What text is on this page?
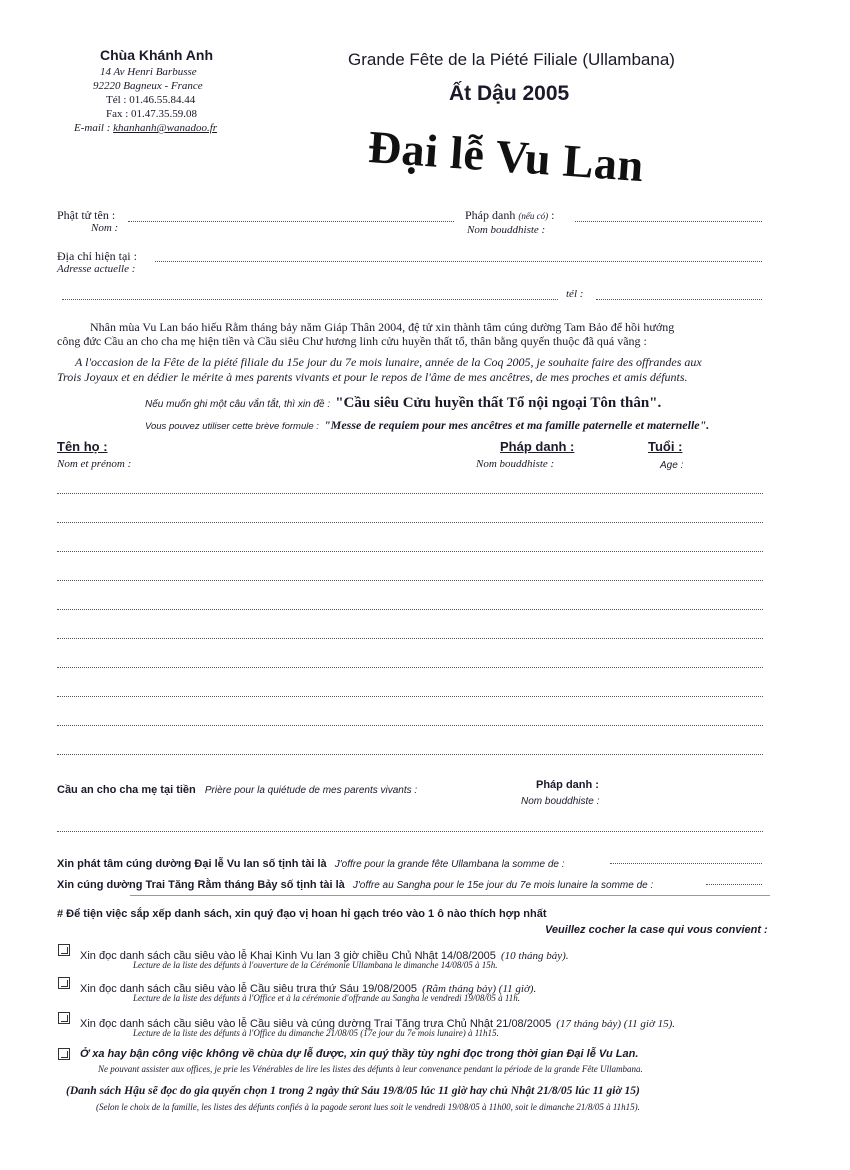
Chùa Khánh Anh
14 Av Henri Barbusse
92220 Bagneux - France
Tél : 01.46.55.84.44
Fax : 01.47.35.59.08
E-mail : khanhanh@wanadoo.fr
Grande Fête de la Piété Filiale (Ullambana)
Ất Dậu 2005
Đại lễ Vu Lan
Phật tử tên :
Nom :
Pháp danh (nếu có) :
Nom bouddhiste :
Địa chỉ hiện tại :
Adresse actuelle :
tél :
Nhân mùa Vu Lan báo hiếu Rằm tháng bảy năm Giáp Thân 2004, đệ tử xin thành tâm cúng dường Tam Bảo để hồi hướng
công đức Cầu an cho cha mẹ hiện tiền và Cầu siêu Chư hương linh cửu huyền thất tổ, thân bằng quyến thuộc đã quá vãng :
A l'occasion de la Fête de la piété filiale du 15e jour du 7e mois lunaire, année de la Coq 2005, je souhaite faire des offrandes aux
Trois Joyaux et en dédier le mérite à mes parents vivants et pour le repos de l'âme de mes ancêtres, de mes proches et amis défunts.
Nếu muốn ghi một câu vắn tắt, thì xin đề : "Cầu siêu Cửu huyền thất Tổ nội ngoại Tôn thân".
Vous pouvez utiliser cette brève formule : "Messe de requiem pour mes ancêtres et ma famille paternelle et maternelle".
Tên họ :
Nom et prénom :
Pháp danh :
Nom bouddhiste :
Tuổi :
Age :
Cầu an cho cha mẹ tại tiền Prière pour la quiétude de mes parents vivants :	Pháp danh :
Nom bouddhiste :
Xin phát tâm cúng dường Đại lễ Vu lan số tịnh tài là J'offre pour la grande fête Ullambana la somme de :
Xin cúng dường Trai Tăng Rằm tháng Bảy số tịnh tài là J'offre au Sangha pour le 15e jour du 7e mois lunaire la somme de :
# Để tiện việc sắp xếp danh sách, xin quý đạo vị hoan hỉ gạch tréo vào 1 ô nào thích hợp nhất
Veuillez cocher la case qui vous convient :
Xin đọc danh sách cầu siêu vào lễ Khai Kinh Vu lan 3 giờ chiều Chủ Nhật 14/08/2005 (10 tháng bảy).
Lecture de la liste des défunts à l'ouverture de la Cérémonie Ullambana le dimanche 14/08/05 à 15h.
Xin đọc danh sách cầu siêu vào lễ Cầu siêu trưa thứ Sáu 19/08/2005 (Rằm tháng bảy) (11 giờ).
Lecture de la liste des défunts à l'Office et à la cérémonie d'offrande au Sangha le vendredi 19/08/05 à 11h.
Xin đọc danh sách cầu siêu vào lễ Cầu siêu và cúng dường Trai Tăng trưa Chủ Nhật 21/08/2005 (17 tháng bảy) (11 giờ 15).
Lecture de la liste des défunts à l'Office du dimanche 21/08/05 (17e jour du 7e mois lunaire) à 11h15.
Ở xa hay bận công việc không về chùa dự lễ được, xin quý thầy tùy nghi đọc trong thời gian Đại lễ Vu Lan.
Ne pouvant assister aux offices, je prie les Vénérables de lire les listes des défunts à leur convenance pendant la période de la grande Fête Ullambana.
(Danh sách Hậu sẽ đọc do gia quyến chọn 1 trong 2 ngày thứ Sáu 19/8/05 lúc 11 giờ hay chủ Nhật 21/8/05 lúc 11 giờ 15)
(Selon le choix de la famille, les listes des défunts confiés à la pagode seront lues soit le vendredi 19/08/05 à 11h00, soit le dimanche 21/8/05 à 11h15).
